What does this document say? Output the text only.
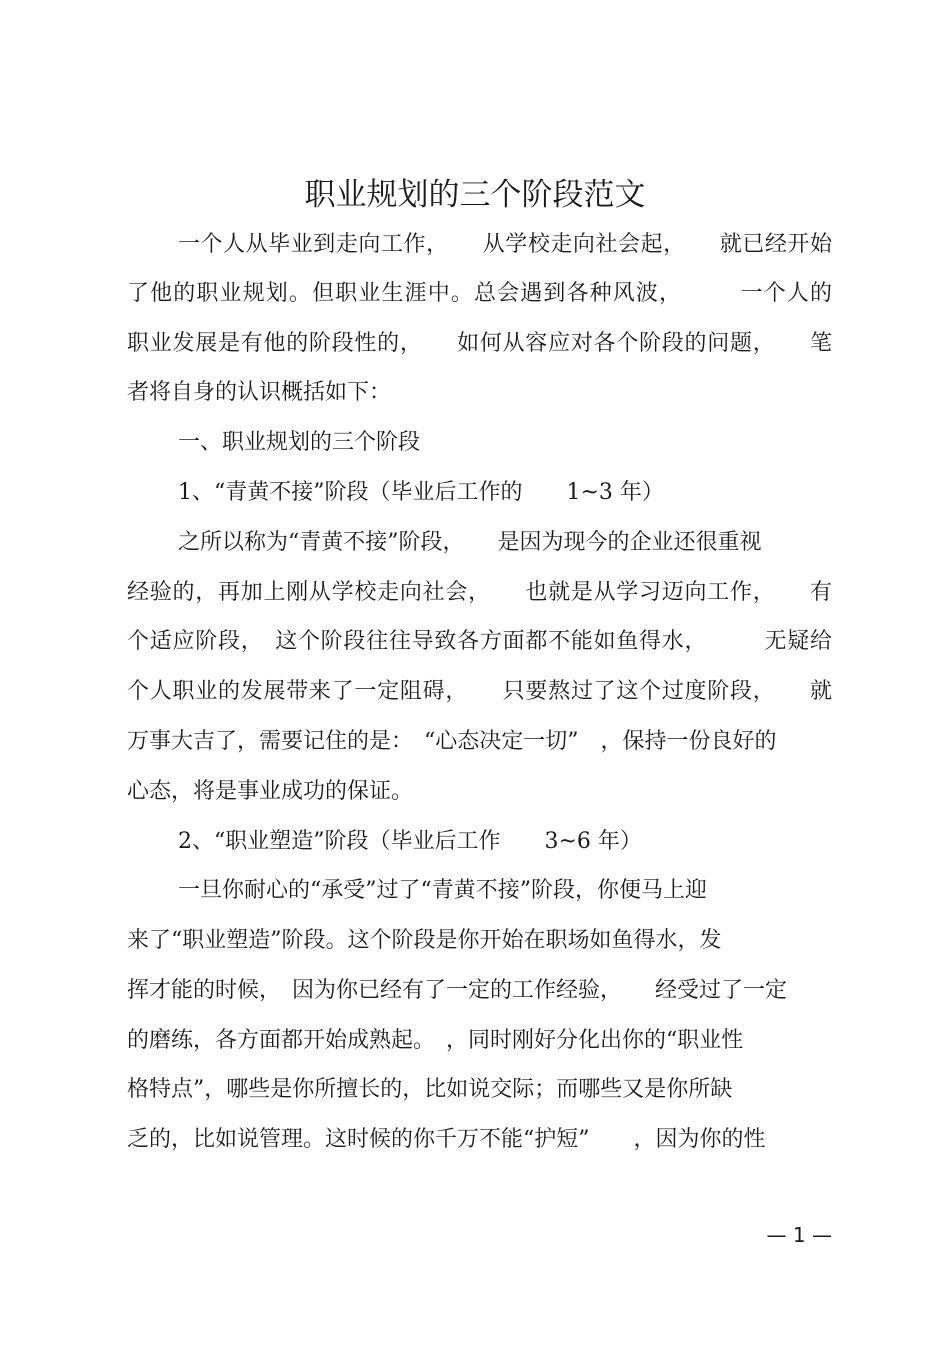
职业规划的三个阶段范文
一个人从毕业到走向工作，　　从学校走向社会起，　　就已经开始
了他的职业规划。但职业生涯中。总会遇到各种风波，　　　一个人的
职业发展是有他的阶段性的，　　如何从容应对各个阶段的问题，　　笔
者将自身的认识概括如下：
一、职业规划的三个阶段
1、“青黄不接”阶段（毕业后工作的　　1~3 年）
之所以称为“青黄不接”阶段，　　是因为现今的企业还很重视
经验的，再加上刚从学校走向社会，　　也就是从学习迈向工作，　　有
个适应阶段，　这个阶段往往导致各方面都不能如鱼得水，　　　无疑给
个人职业的发展带来了一定阻碍，　　只要熬过了这个过度阶段，　　就
万事大吉了，需要记住的是：　“心态决定一切”　，保持一份良好的
心态，将是事业成功的保证。
2、“职业塑造”阶段（毕业后工作　　3~6 年）
一旦你耐心的“承受”过了“青黄不接”阶段，你便马上迎
来了“职业塑造”阶段。这个阶段是你开始在职场如鱼得水，发
挥才能的时候，　因为你已经有了一定的工作经验，　　经受过了一定
的磨练，各方面都开始成熟起。　，同时刚好分化出你的“职业性
格特点”，哪些是你所擅长的，比如说交际；而哪些又是你所缺
乏的，比如说管理。这时候的你千万不能“护短”　　，因为你的性
— 1 —
